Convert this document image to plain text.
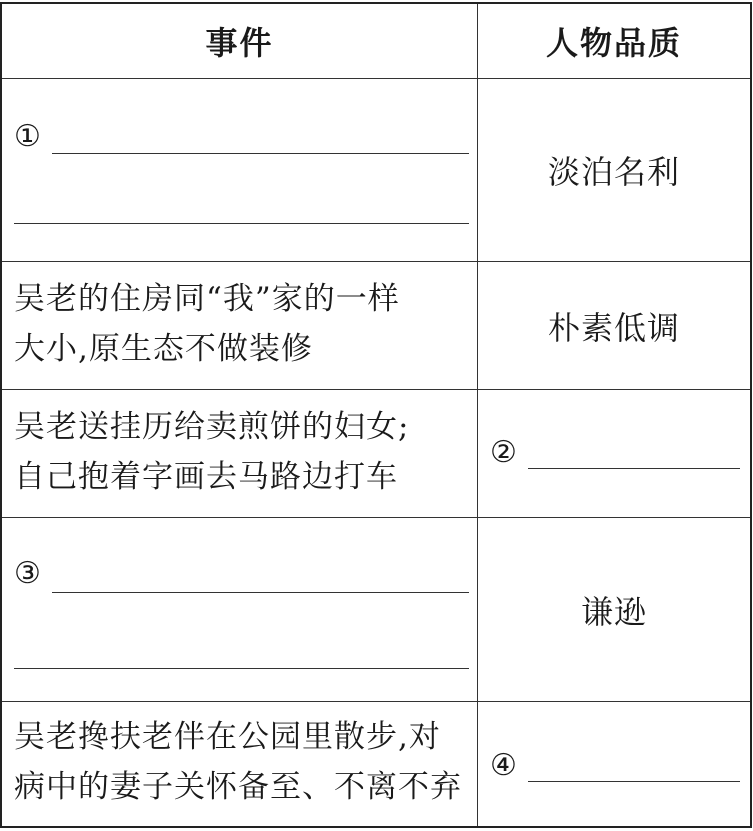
事件	人物品质
①
淡泊名利
吴老的住房同“我”家的一样
大小,原生态不做装修
朴素低调
吴老送挂历给卖煎饼的妇女;
自己抱着字画去马路边打车
②
③
谦逊
吴老搀扶老伴在公园里散步,对
病中的妻子关怀备至、不离不弃
④
